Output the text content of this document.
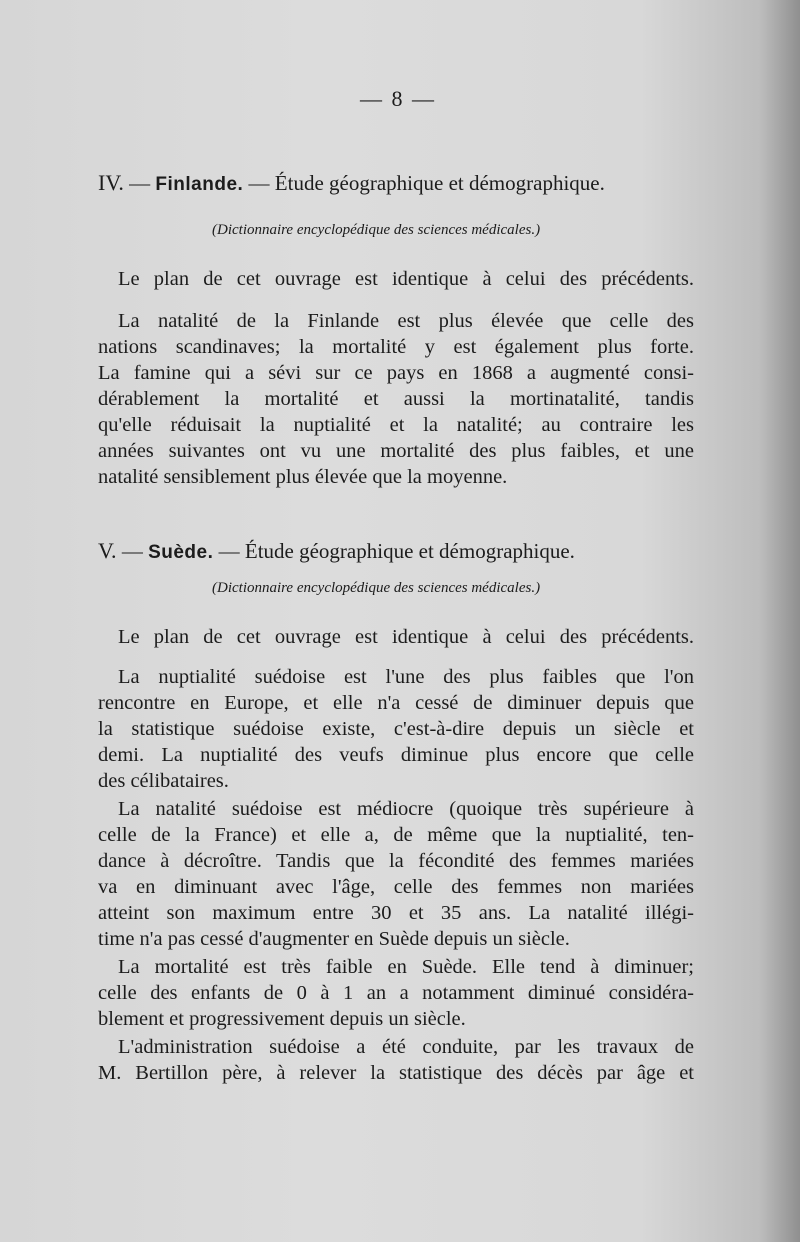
— 8 —
IV. — Finlande. — Étude géographique et démographique.
(Dictionnaire encyclopédique des sciences médicales.)
Le plan de cet ouvrage est identique à celui des précédents.
La natalité de la Finlande est plus élevée que celle des
nations scandinaves; la mortalité y est également plus forte.
La famine qui a sévi sur ce pays en 1868 a augmenté consi-
dérablement la mortalité et aussi la mortinatalité, tandis
qu'elle réduisait la nuptialité et la natalité; au contraire les
années suivantes ont vu une mortalité des plus faibles, et une
natalité sensiblement plus élevée que la moyenne.
V. — Suède. — Étude géographique et démographique.
(Dictionnaire encyclopédique des sciences médicales.)
Le plan de cet ouvrage est identique à celui des précédents.
La nuptialité suédoise est l'une des plus faibles que l'on
rencontre en Europe, et elle n'a cessé de diminuer depuis que
la statistique suédoise existe, c'est-à-dire depuis un siècle et
demi. La nuptialité des veufs diminue plus encore que celle
des célibataires.
La natalité suédoise est médiocre (quoique très supérieure à
celle de la France) et elle a, de même que la nuptialité, ten-
dance à décroître. Tandis que la fécondité des femmes mariées
va en diminuant avec l'âge, celle des femmes non mariées
atteint son maximum entre 30 et 35 ans. La natalité illégi-
time n'a pas cessé d'augmenter en Suède depuis un siècle.
La mortalité est très faible en Suède. Elle tend à diminuer;
celle des enfants de 0 à 1 an a notamment diminué considéra-
blement et progressivement depuis un siècle.
L'administration suédoise a été conduite, par les travaux de
M. Bertillon père, à relever la statistique des décès par âge et
